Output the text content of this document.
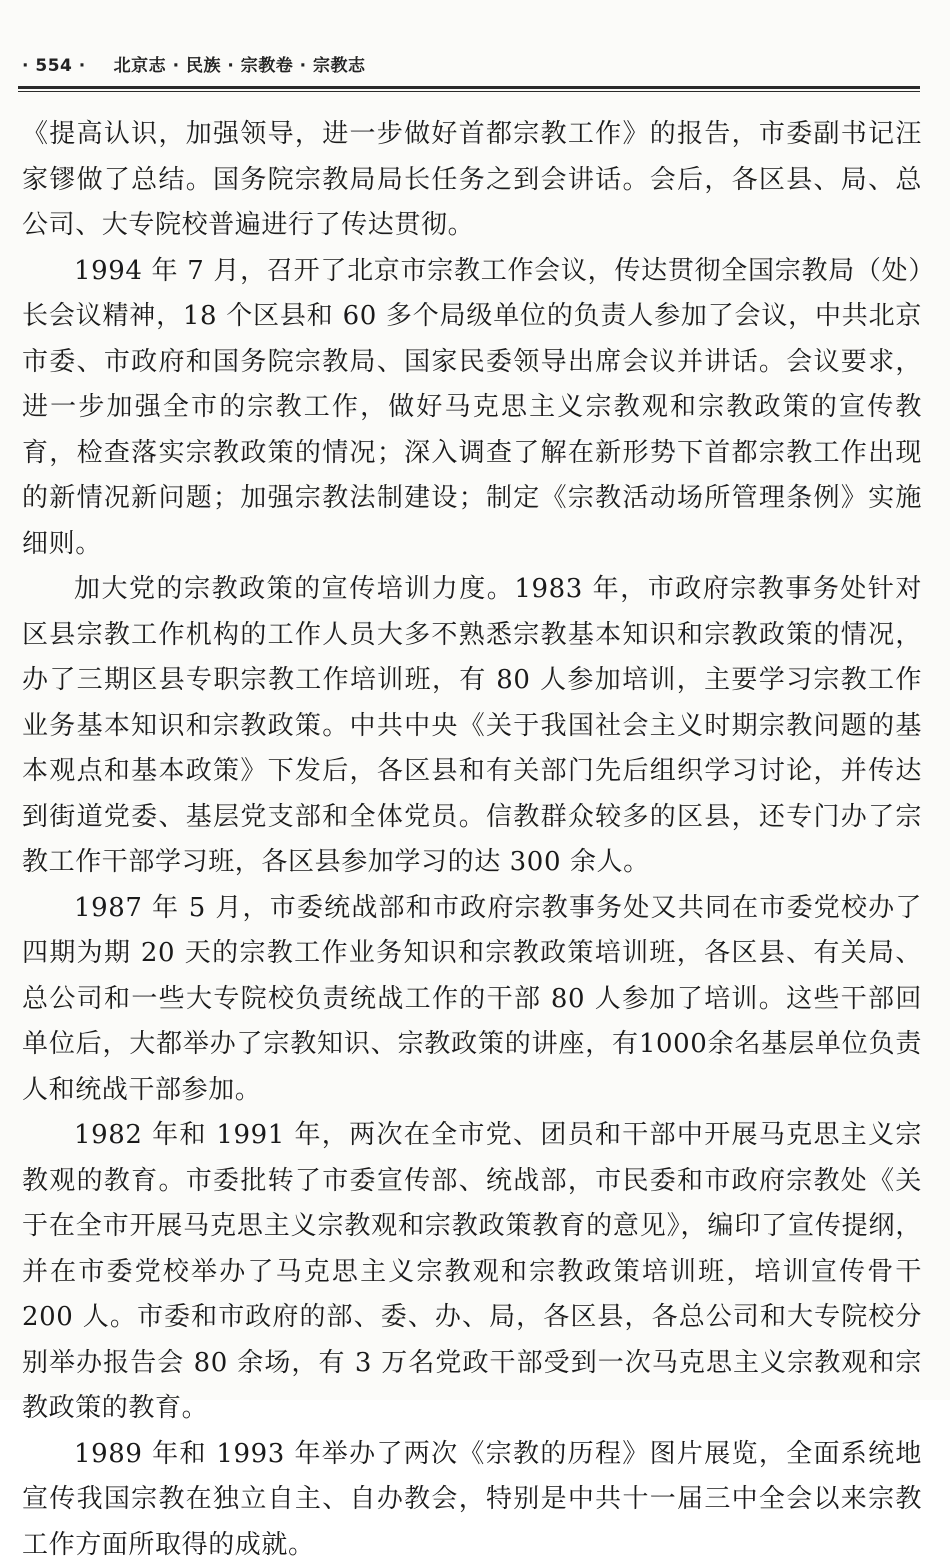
· 554 · 北京志 · 民族 · 宗教卷 · 宗教志

《提高认识，加强领导，进一步做好首都宗教工作》的报告，市委副书记汪家镠做了总结。国务院宗教局局长任务之到会讲话。会后，各区县、局、总公司、大专院校普遍进行了传达贯彻。

1994 年 7 月，召开了北京市宗教工作会议，传达贯彻全国宗教局（处）长会议精神，18 个区县和 60 多个局级单位的负责人参加了会议，中共北京市委、市政府和国务院宗教局、国家民委领导出席会议并讲话。会议要求，进一步加强全市的宗教工作，做好马克思主义宗教观和宗教政策的宣传教育，检查落实宗教政策的情况；深入调查了解在新形势下首都宗教工作出现的新情况新问题；加强宗教法制建设；制定《宗教活动场所管理条例》实施细则。

加大党的宗教政策的宣传培训力度。1983 年，市政府宗教事务处针对区县宗教工作机构的工作人员大多不熟悉宗教基本知识和宗教政策的情况，办了三期区县专职宗教工作培训班，有 80 人参加培训，主要学习宗教工作业务基本知识和宗教政策。中共中央《关于我国社会主义时期宗教问题的基本观点和基本政策》下发后，各区县和有关部门先后组织学习讨论，并传达到街道党委、基层党支部和全体党员。信教群众较多的区县，还专门办了宗教工作干部学习班，各区县参加学习的达 300 余人。

1987 年 5 月，市委统战部和市政府宗教事务处又共同在市委党校办了四期为期 20 天的宗教工作业务知识和宗教政策培训班，各区县、有关局、总公司和一些大专院校负责统战工作的干部 80 人参加了培训。这些干部回单位后，大都举办了宗教知识、宗教政策的讲座，有1000余名基层单位负责人和统战干部参加。

1982 年和 1991 年，两次在全市党、团员和干部中开展马克思主义宗教观的教育。市委批转了市委宣传部、统战部，市民委和市政府宗教处《关于在全市开展马克思主义宗教观和宗教政策教育的意见》，编印了宣传提纲，并在市委党校举办了马克思主义宗教观和宗教政策培训班，培训宣传骨干 200 人。市委和市政府的部、委、办、局，各区县，各总公司和大专院校分别举办报告会 80 余场，有 3 万名党政干部受到一次马克思主义宗教观和宗教政策的教育。

1989 年和 1993 年举办了两次《宗教的历程》图片展览，全面系统地宣传我国宗教在独立自主、自办教会，特别是中共十一届三中全会以来宗教工作方面所取得的成就。
